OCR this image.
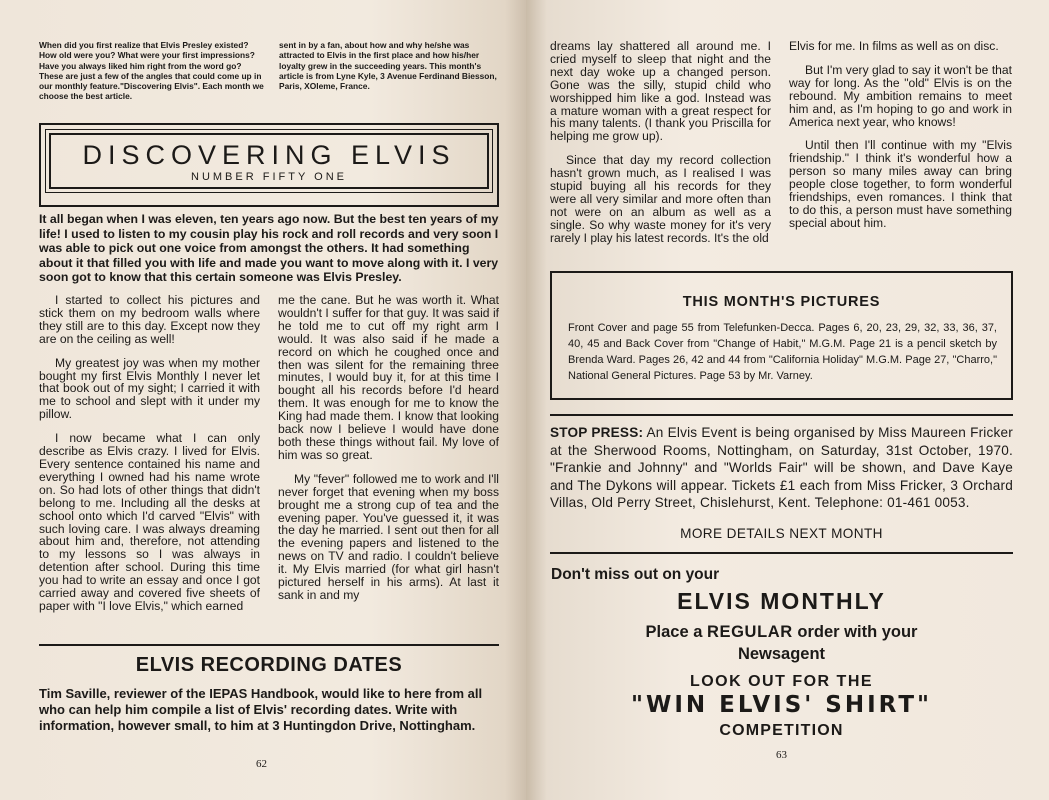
When did you first realize that Elvis Presley existed? How old were you? What were your first impressions? Have you always liked him right from the word go? These are just a few of the angles that could come up in our monthly feature."Discovering Elvis". Each month we choose the best article.
sent in by a fan, about how and why he/she was attracted to Elvis in the first place and how his/her loyalty grew in the succeeding years. This month's article is from Lyne Kyle, 3 Avenue Ferdinand Biesson, Paris, XOleme, France.
DISCOVERING ELVIS
NUMBER FIFTY ONE
It all began when I was eleven, ten years ago now. But the best ten years of my life! I used to listen to my cousin play his rock and roll records and very soon I was able to pick out one voice from amongst the others. It had something about it that filled you with life and made you want to move along with it. I very soon got to know that this certain someone was Elvis Presley.

I started to collect his pictures and stick them on my bedroom walls where they still are to this day. Except now they are on the ceiling as well!

My greatest joy was when my mother bought my first Elvis Monthly I never let that book out of my sight; I carried it with me to school and slept with it under my pillow.

I now became what I can only describe as Elvis crazy. I lived for Elvis. Every sentence contained his name and everything I owned had his name wrote on. So had lots of other things that didn't belong to me. Including all the desks at school onto which I'd carved "Elvis" with such loving care. I was always dreaming about him and, therefore, not attending to my lessons so I was always in detention after school. During this time you had to write an essay and once I got carried away and covered five sheets of paper with "I love Elvis," which earned

me the cane. But he was worth it. What wouldn't I suffer for that guy. It was said if he told me to cut off my right arm I would. It was also said if he made a record on which he coughed once and then was silent for the remaining three minutes, I would buy it, for at this time I bought all his records before I'd heard them. It was enough for me to know the King had made them. I know that looking back now I believe I would have done both these things without fail. My love of him was so great.

My "fever" followed me to work and I'll never forget that evening when my boss brought me a strong cup of tea and the evening paper. You've guessed it, it was the day he married. I sent out then for all the evening papers and listened to the news on TV and radio. I couldn't believe it. My Elvis married (for what girl hasn't pictured herself in his arms). At last it sank in and my

ELVIS RECORDING DATES
Tim Saville, reviewer of the IEPAS Handbook, would like to here from all who can help him compile a list of Elvis' recording dates. Write with information, however small, to him at 3 Huntingdon Drive, Nottingham.
62

dreams lay shattered all around me. I cried myself to sleep that night and the next day woke up a changed person. Gone was the silly, stupid child who worshipped him like a god. Instead was a mature woman with a great respect for his many talents. (I thank you Priscilla for helping me grow up).

Since that day my record collection hasn't grown much, as I realised I was stupid buying all his records for they were all very similar and more often than not were on an album as well as a single. So why waste money for it's very rarely I play his latest records. It's the old

Elvis for me. In films as well as on disc.

But I'm very glad to say it won't be that way for long. As the "old" Elvis is on the rebound. My ambition remains to meet him and, as I'm hoping to go and work in America next year, who knows!

Until then I'll continue with my "Elvis friendship." I think it's wonderful how a person so many miles away can bring people close together, to form wonderful friendships, even romances. I think that to do this, a person must have something special about him.

THIS MONTH'S PICTURES
Front Cover and page 55 from Telefunken-Decca. Pages 6, 20, 23, 29, 32, 33, 36, 37, 40, 45 and Back Cover from "Change of Habit," M.G.M. Page 21 is a pencil sketch by Brenda Ward. Pages 26, 42 and 44 from "California Holiday" M.G.M. Page 27, "Charro," National General Pictures. Page 53 by Mr. Varney.
STOP PRESS: An Elvis Event is being organised by Miss Maureen Fricker at the Sherwood Rooms, Nottingham, on Saturday, 31st October, 1970. "Frankie and Johnny" and "Worlds Fair" will be shown, and Dave Kaye and The Dykons will appear. Tickets £1 each from Miss Fricker, 3 Orchard Villas, Old Perry Street, Chislehurst, Kent. Telephone: 01-461 0053.
MORE DETAILS NEXT MONTH
Don't miss out on your
ELVIS MONTHLY
Place a REGULAR order with your
Newsagent
LOOK OUT FOR THE
"WIN ELVIS' SHIRT"
COMPETITION
63
